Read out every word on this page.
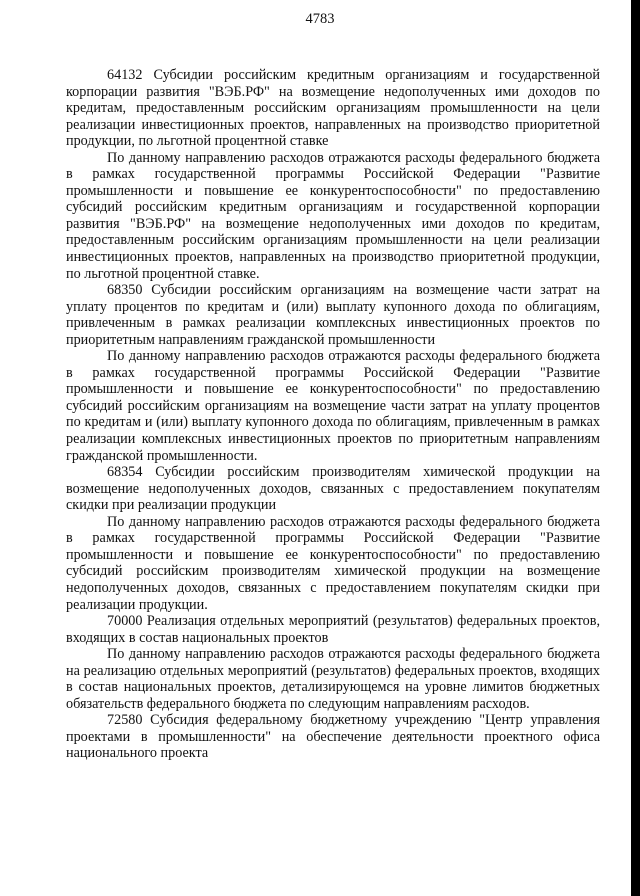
4783

64132 Субсидии российским кредитным организациям и государственной корпорации развития "ВЭБ.РФ" на возмещение недополученных ими доходов по кредитам, предоставленным российским организациям промышленности на цели реализации инвестиционных проектов, направленных на производство приоритетной продукции, по льготной процентной ставке

По данному направлению расходов отражаются расходы федерального бюджета в рамках государственной программы Российской Федерации "Развитие промышленности и повышение ее конкурентоспособности" по предоставлению субсидий российским кредитным организациям и государственной корпорации развития "ВЭБ.РФ" на возмещение недополученных ими доходов по кредитам, предоставленным российским организациям промышленности на цели реализации инвестиционных проектов, направленных на производство приоритетной продукции, по льготной процентной ставке.

68350 Субсидии российским организациям на возмещение части затрат на уплату процентов по кредитам и (или) выплату купонного дохода по облигациям, привлеченным в рамках реализации комплексных инвестиционных проектов по приоритетным направлениям гражданской промышленности

По данному направлению расходов отражаются расходы федерального бюджета в рамках государственной программы Российской Федерации "Развитие промышленности и повышение ее конкурентоспособности" по предоставлению субсидий российским организациям на возмещение части затрат на уплату процентов по кредитам и (или) выплату купонного дохода по облигациям, привлеченным в рамках реализации комплексных инвестиционных проектов по приоритетным направлениям гражданской промышленности.

68354 Субсидии российским производителям химической продукции на возмещение недополученных доходов, связанных с предоставлением покупателям скидки при реализации продукции

По данному направлению расходов отражаются расходы федерального бюджета в рамках государственной программы Российской Федерации "Развитие промышленности и повышение ее конкурентоспособности" по предоставлению субсидий российским производителям химической продукции на возмещение недополученных доходов, связанных с предоставлением покупателям скидки при реализации продукции.

70000 Реализация отдельных мероприятий (результатов) федеральных проектов, входящих в состав национальных проектов

По данному направлению расходов отражаются расходы федерального бюджета на реализацию отдельных мероприятий (результатов) федеральных проектов, входящих в состав национальных проектов, детализирующемся на уровне лимитов бюджетных обязательств федерального бюджета по следующим направлениям расходов.

72580 Субсидия федеральному бюджетному учреждению "Центр управления проектами в промышленности" на обеспечение деятельности проектного офиса национального проекта
